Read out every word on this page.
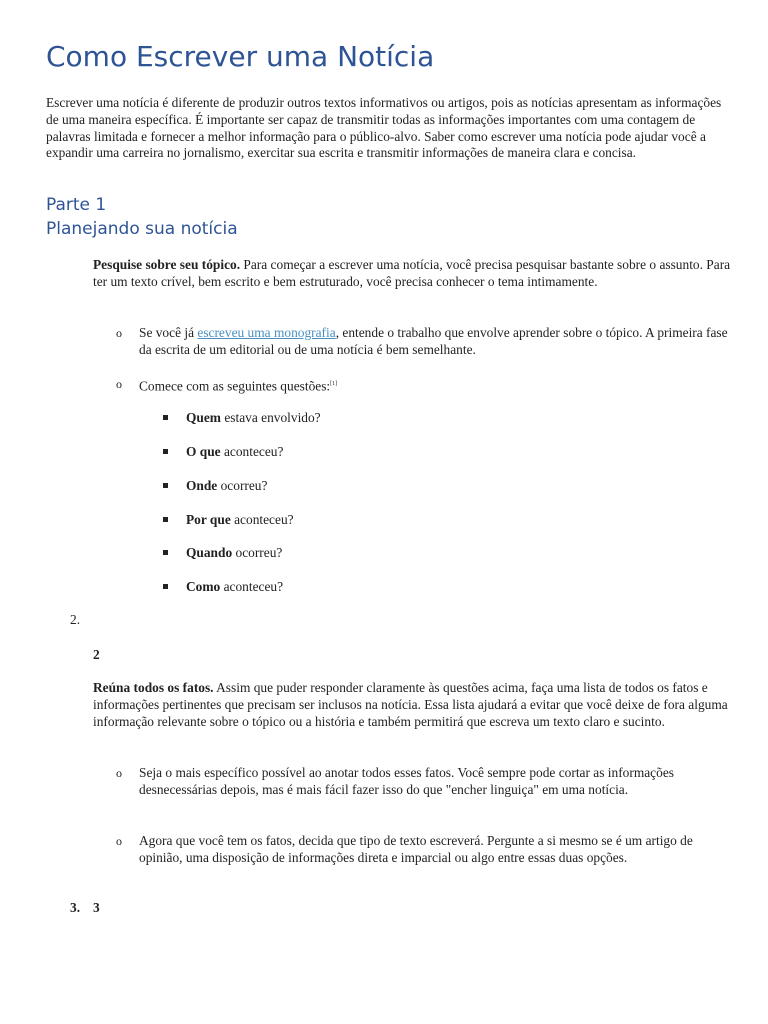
Como Escrever uma Notícia

Escrever uma notícia é diferente de produzir outros textos informativos ou artigos, pois as notícias apresentam as informações de uma maneira específica. É importante ser capaz de transmitir todas as informações importantes com uma contagem de palavras limitada e fornecer a melhor informação para o público-alvo. Saber como escrever uma notícia pode ajudar você a expandir uma carreira no jornalismo, exercitar sua escrita e transmitir informações de maneira clara e concisa.

Parte 1
Planejando sua notícia

Pesquise sobre seu tópico. Para começar a escrever uma notícia, você precisa pesquisar bastante sobre o assunto. Para ter um texto crível, bem escrito e bem estruturado, você precisa conhecer o tema intimamente.

o Se você já escreveu uma monografia, entende o trabalho que envolve aprender sobre o tópico. A primeira fase da escrita de um editorial ou de uma notícia é bem semelhante.

o Comece com as seguintes questões:[1]

Quem estava envolvido?
O que aconteceu?
Onde ocorreu?
Por que aconteceu?
Quando ocorreu?
Como aconteceu?
2.
2

Reúna todos os fatos. Assim que puder responder claramente às questões acima, faça uma lista de todos os fatos e informações pertinentes que precisam ser inclusos na notícia. Essa lista ajudará a evitar que você deixe de fora alguma informação relevante sobre o tópico ou a história e também permitirá que escreva um texto claro e sucinto.

o Seja o mais específico possível ao anotar todos esses fatos. Você sempre pode cortar as informações desnecessárias depois, mas é mais fácil fazer isso do que "encher linguiça" em uma notícia.

o Agora que você tem os fatos, decida que tipo de texto escreverá. Pergunte a si mesmo se é um artigo de opinião, uma disposição de informações direta e imparcial ou algo entre essas duas opções.

3. 3
